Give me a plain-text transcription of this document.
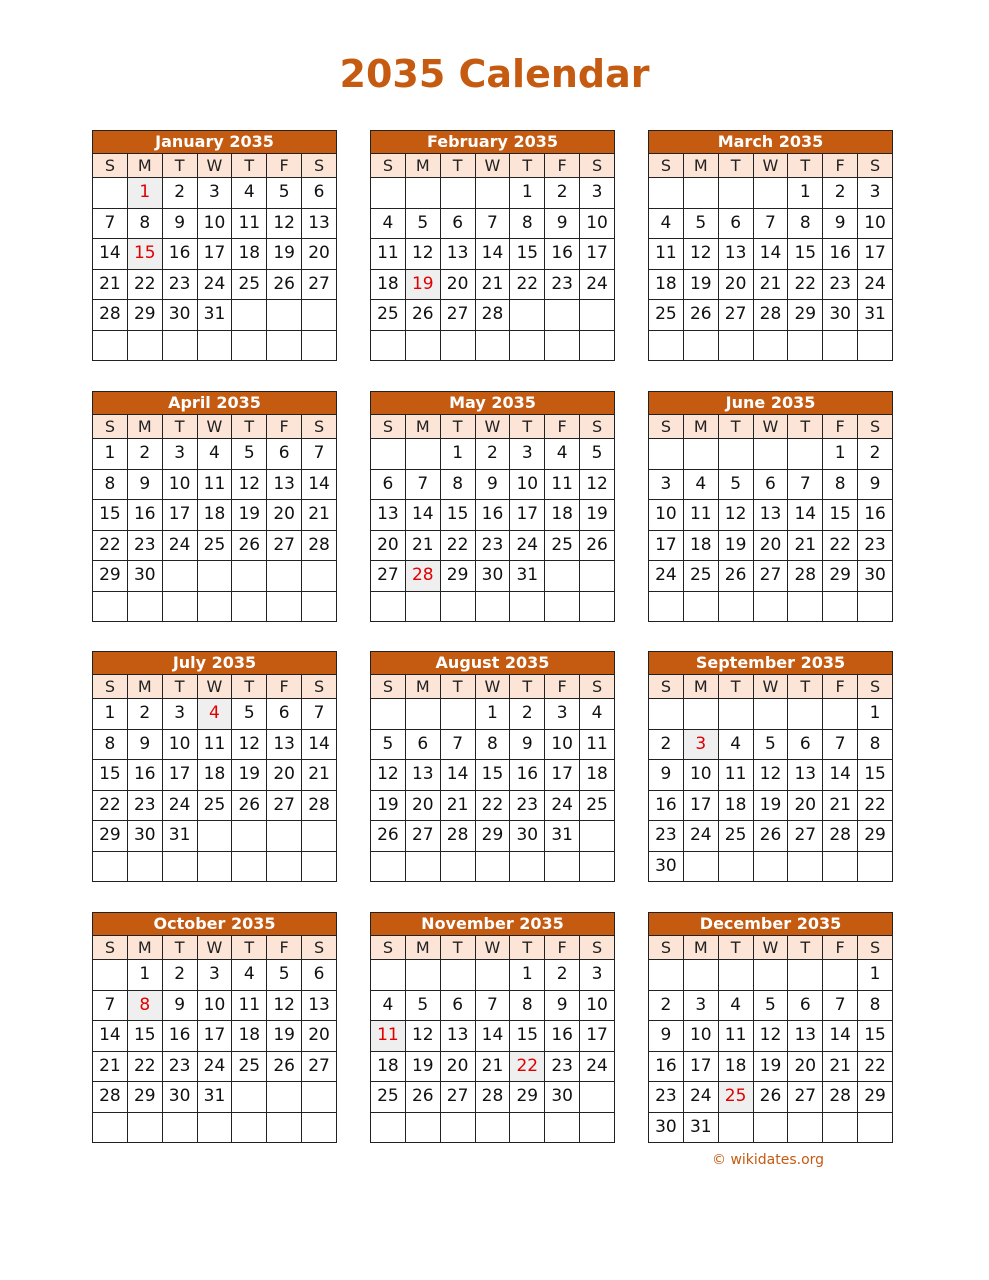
2035 Calendar
January 2035						
S	M	T	W	T	F	S
	1	2	3	4	5	6
7	8	9	10	11	12	13
14	15	16	17	18	19	20
21	22	23	24	25	26	27
28	29	30	31			

February 2035						
S	M	T	W	T	F	S
				1	2	3
4	5	6	7	8	9	10
11	12	13	14	15	16	17
18	19	20	21	22	23	24
25	26	27	28			

March 2035						
S	M	T	W	T	F	S
				1	2	3
4	5	6	7	8	9	10
11	12	13	14	15	16	17
18	19	20	21	22	23	24
25	26	27	28	29	30	31

April 2035						
S	M	T	W	T	F	S
1	2	3	4	5	6	7
8	9	10	11	12	13	14
15	16	17	18	19	20	21
22	23	24	25	26	27	28
29	30					

May 2035						
S	M	T	W	T	F	S
		1	2	3	4	5
6	7	8	9	10	11	12
13	14	15	16	17	18	19
20	21	22	23	24	25	26
27	28	29	30	31		

June 2035						
S	M	T	W	T	F	S
					1	2
3	4	5	6	7	8	9
10	11	12	13	14	15	16
17	18	19	20	21	22	23
24	25	26	27	28	29	30

July 2035						
S	M	T	W	T	F	S
1	2	3	4	5	6	7
8	9	10	11	12	13	14
15	16	17	18	19	20	21
22	23	24	25	26	27	28
29	30	31				

August 2035						
S	M	T	W	T	F	S
			1	2	3	4
5	6	7	8	9	10	11
12	13	14	15	16	17	18
19	20	21	22	23	24	25
26	27	28	29	30	31	

September 2035						
S	M	T	W	T	F	S
						1
2	3	4	5	6	7	8
9	10	11	12	13	14	15
16	17	18	19	20	21	22
23	24	25	26	27	28	29
30						
October 2035						
S	M	T	W	T	F	S
	1	2	3	4	5	6
7	8	9	10	11	12	13
14	15	16	17	18	19	20
21	22	23	24	25	26	27
28	29	30	31			

November 2035						
S	M	T	W	T	F	S
				1	2	3
4	5	6	7	8	9	10
11	12	13	14	15	16	17
18	19	20	21	22	23	24
25	26	27	28	29	30	

December 2035						
S	M	T	W	T	F	S
						1
2	3	4	5	6	7	8
9	10	11	12	13	14	15
16	17	18	19	20	21	22
23	24	25	26	27	28	29
30	31					
© wikidates.org
